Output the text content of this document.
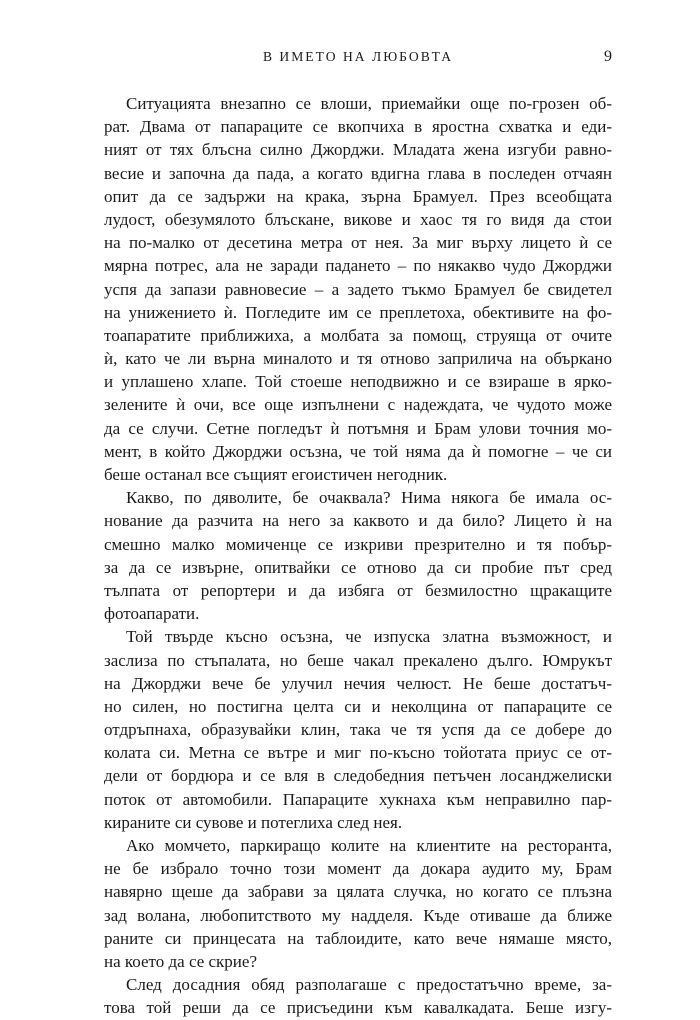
В ИМЕТО НА ЛЮБОВТА	9
Ситуацията внезапно се влоши, приемайки още по-грозен об-
рат. Двама от папараците се вкопчиха в яростна схватка и еди-
ният от тях блъсна силно Джорджи. Младата жена изгуби равно-
весие и започна да пада, а когато вдигна глава в последен отчаян
опит да се задържи на крака, зърна Брамуел. През всеобщата
лудост, обезумялото блъскане, викове и хаос тя го видя да стои
на по-малко от десетина метра от нея. За миг върху лицето ѝ се
мярна потрес, ала не заради падането – по някакво чудо Джорджи
успя да запази равновесие – а задето тъкмо Брамуел бе свидетел
на унижението ѝ. Погледите им се преплетоха, обективите на фо-
тоапаратите приближиха, а молбата за помощ, струяща от очите
ѝ, като че ли върна миналото и тя отново заприлича на объркано
и уплашено хлапе. Той стоеше неподвижно и се взираше в ярко-
зелените ѝ очи, все още изпълнени с надеждата, че чудото може
да се случи. Сетне погледът ѝ потъмня и Брам улови точния мо-
мент, в който Джорджи осъзна, че той няма да ѝ помогне – че си
беше останал все същият егоистичен негодник.
Какво, по дяволите, бе очаквала? Нима някога бе имала ос-
нование да разчита на него за каквото и да било? Лицето ѝ на
смешно малко момиченце се изкриви презрително и тя побър-
за да се извърне, опитвайки се отново да си пробие път сред
тълпата от репортери и да избяга от безмилостно щракащите
фотоапарати.
Той твърде късно осъзна, че изпуска златна възможност, и
заслиза по стъпалата, но беше чакал прекалено дълго. Юмрукът
на Джорджи вече бе улучил нечия челюст. Не беше достатъч-
но силен, но постигна целта си и неколцина от папараците се
отдръпнаха, образувайки клин, така че тя успя да се добере до
колата си. Метна се вътре и миг по-късно тойотата приус се от-
дели от бордюра и се вля в следобедния петъчен лосанджелиски
поток от автомобили. Папараците хукнаха към неправилно пар-
кираните си сувове и потеглиха след нея.
Ако момчето, паркиращо колите на клиентите на ресторанта,
не бе избрало точно този момент да докара аудито му, Брам
навярно щеше да забрави за цялата случка, но когато се плъзна
зад волана, любопитството му надделя. Къде отиваше да ближе
раните си принцесата на таблоидите, като вече нямаше място,
на което да се скрие?
След досадния обяд разполагаше с предостатъчно време, за-
това той реши да се присъедини към кавалкадата. Беше изгу-
